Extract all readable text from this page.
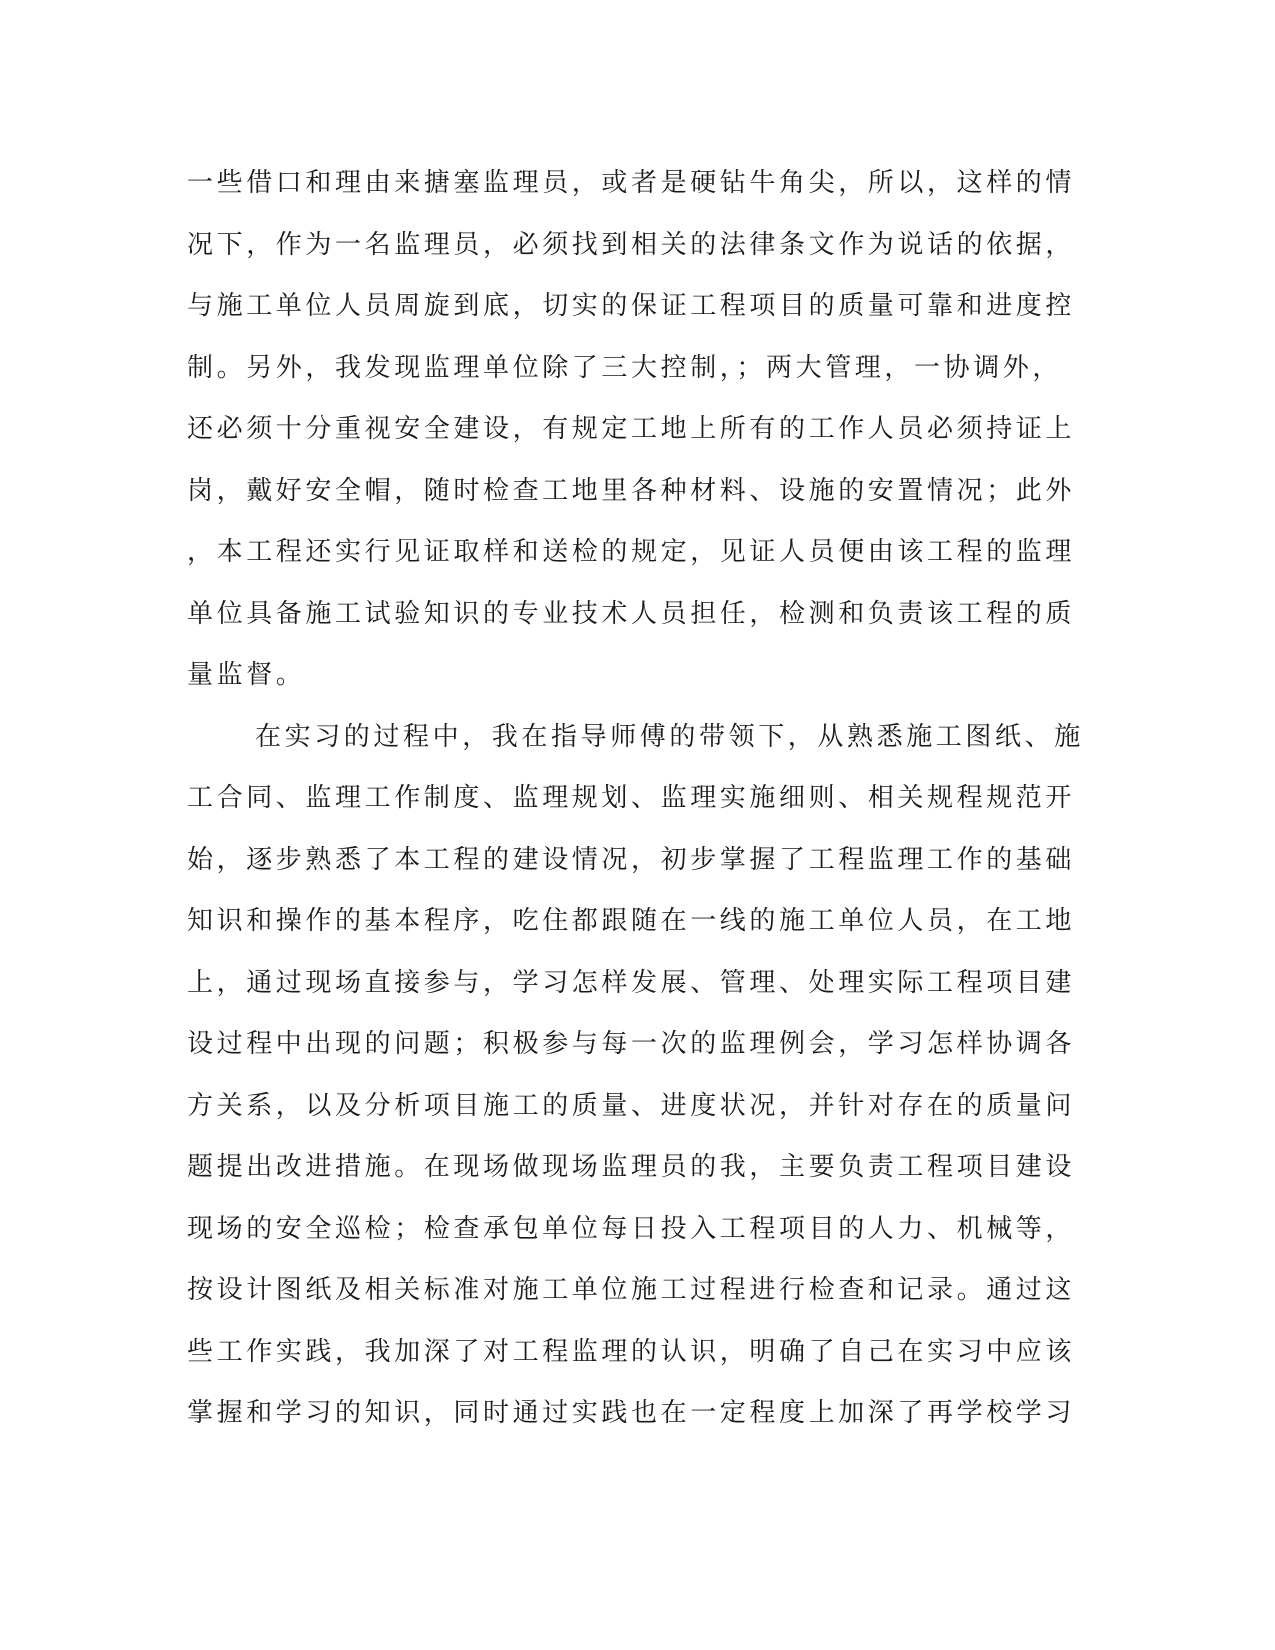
一些借口和理由来搪塞监理员，或者是硬钻牛角尖，所以，这样的情
况下，作为一名监理员，必须找到相关的法律条文作为说话的依据，
与施工单位人员周旋到底，切实的保证工程项目的质量可靠和进度控
制。另外，我发现监理单位除了三大控制，；两大管理，一协调外，
还必须十分重视安全建设，有规定工地上所有的工作人员必须持证上
岗，戴好安全帽，随时检查工地里各种材料、设施的安置情况；此外
，本工程还实行见证取样和送检的规定，见证人员便由该工程的监理
单位具备施工试验知识的专业技术人员担任，检测和负责该工程的质
量监督。
在实习的过程中，我在指导师傅的带领下，从熟悉施工图纸、施
工合同、监理工作制度、监理规划、监理实施细则、相关规程规范开
始，逐步熟悉了本工程的建设情况，初步掌握了工程监理工作的基础
知识和操作的基本程序，吃住都跟随在一线的施工单位人员，在工地
上，通过现场直接参与，学习怎样发展、管理、处理实际工程项目建
设过程中出现的问题；积极参与每一次的监理例会，学习怎样协调各
方关系，以及分析项目施工的质量、进度状况，并针对存在的质量问
题提出改进措施。在现场做现场监理员的我，主要负责工程项目建设
现场的安全巡检；检查承包单位每日投入工程项目的人力、机械等，
按设计图纸及相关标准对施工单位施工过程进行检查和记录。通过这
些工作实践，我加深了对工程监理的认识，明确了自己在实习中应该
掌握和学习的知识，同时通过实践也在一定程度上加深了再学校学习
